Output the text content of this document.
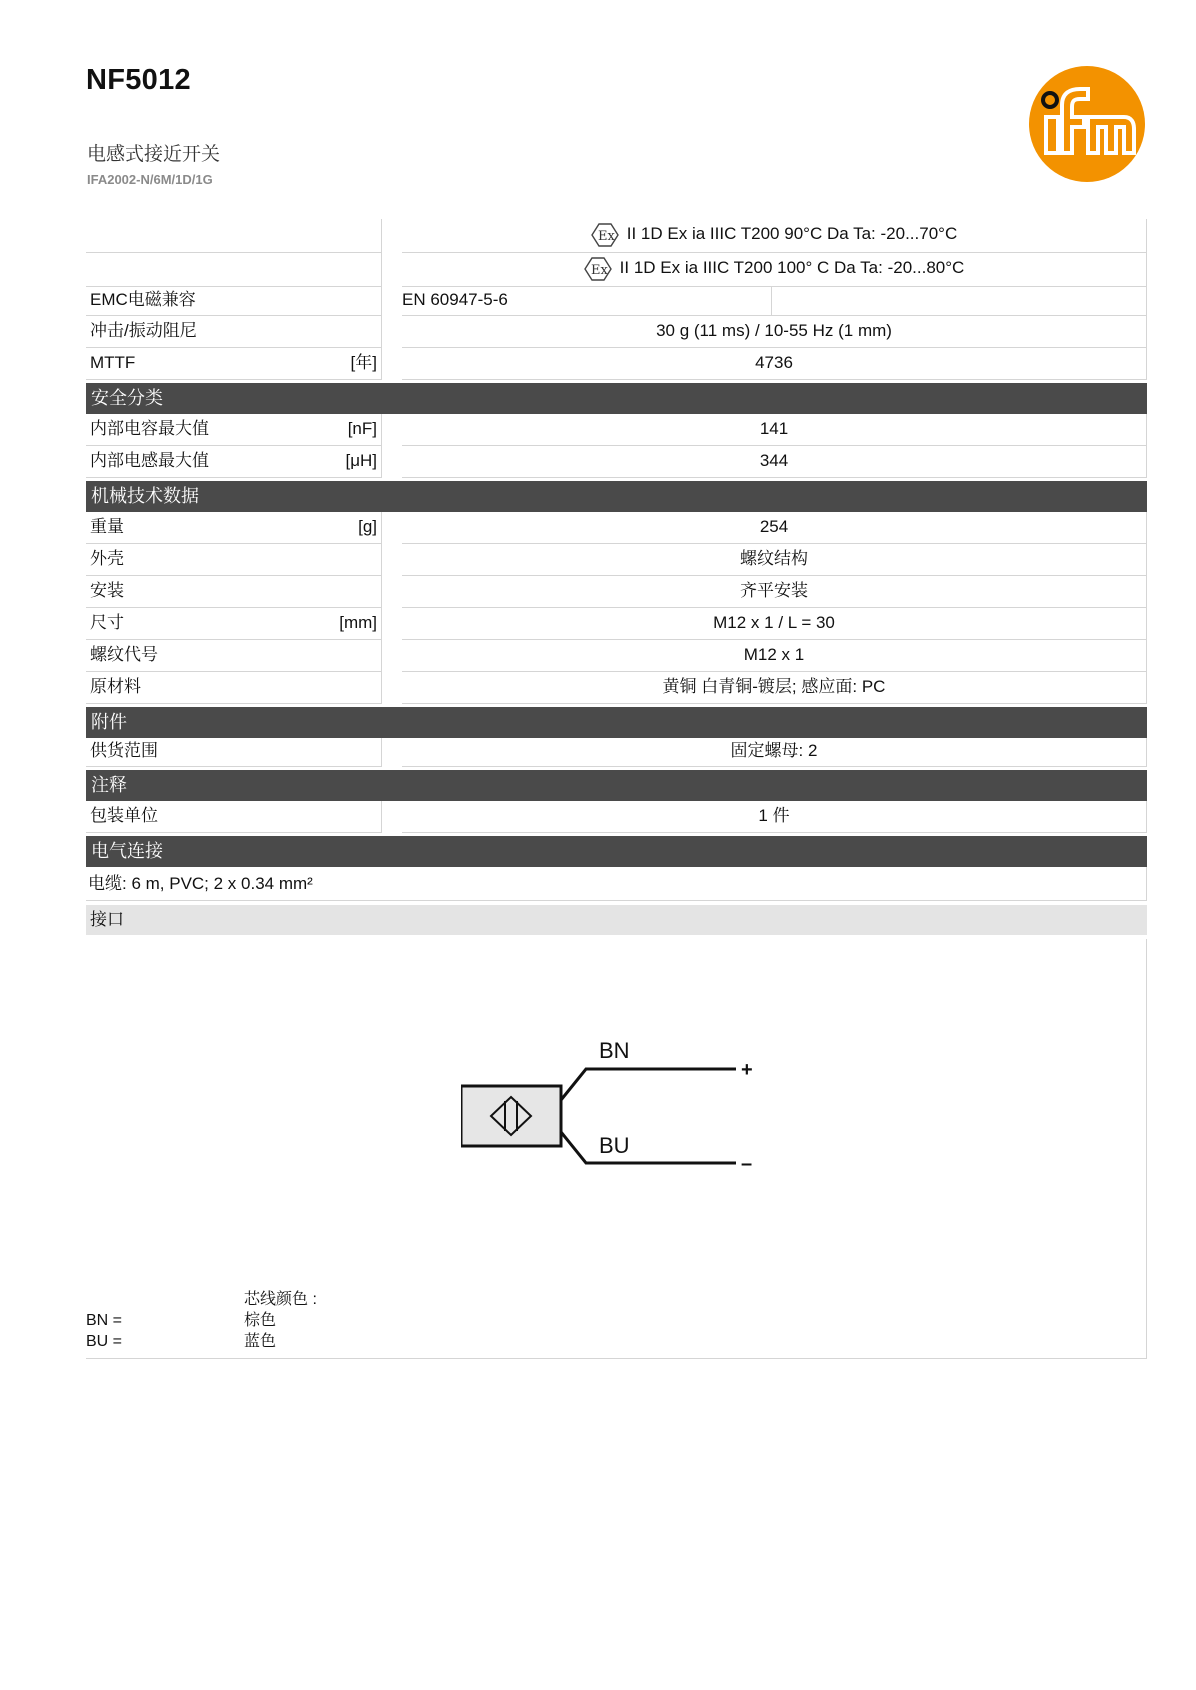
NF5012
电感式接近开关
IFA2002-N/6M/1D/1G
Ex II 1D Ex ia IIIC T200 90°C Da Ta: -20...70°C
Ex II 1D Ex ia IIIC T200 100° C Da Ta: -20...80°C
EMC电磁兼容	EN 60947-5-6
冲击/振动阻尼	30 g (11 ms) / 10-55 Hz (1 mm)
MTTF	[年]	4736
安全分类
内部电容最大值	[nF]	141
内部电感最大值	[μH]	344
机械技术数据
重量	[g]	254
外壳	螺纹结构
安装	齐平安装
尺寸	[mm]	M12 x 1 / L = 30
螺纹代号	M12 x 1
原材料	黄铜 白青铜-镀层; 感应面: PC
附件
供货范围	固定螺母: 2
注释
包装单位	1 件
电气连接
电缆: 6 m, PVC; 2 x 0.34 mm²
接口
BN
BU
+
–
芯线颜色 :
BN =	棕色
BU =	蓝色
